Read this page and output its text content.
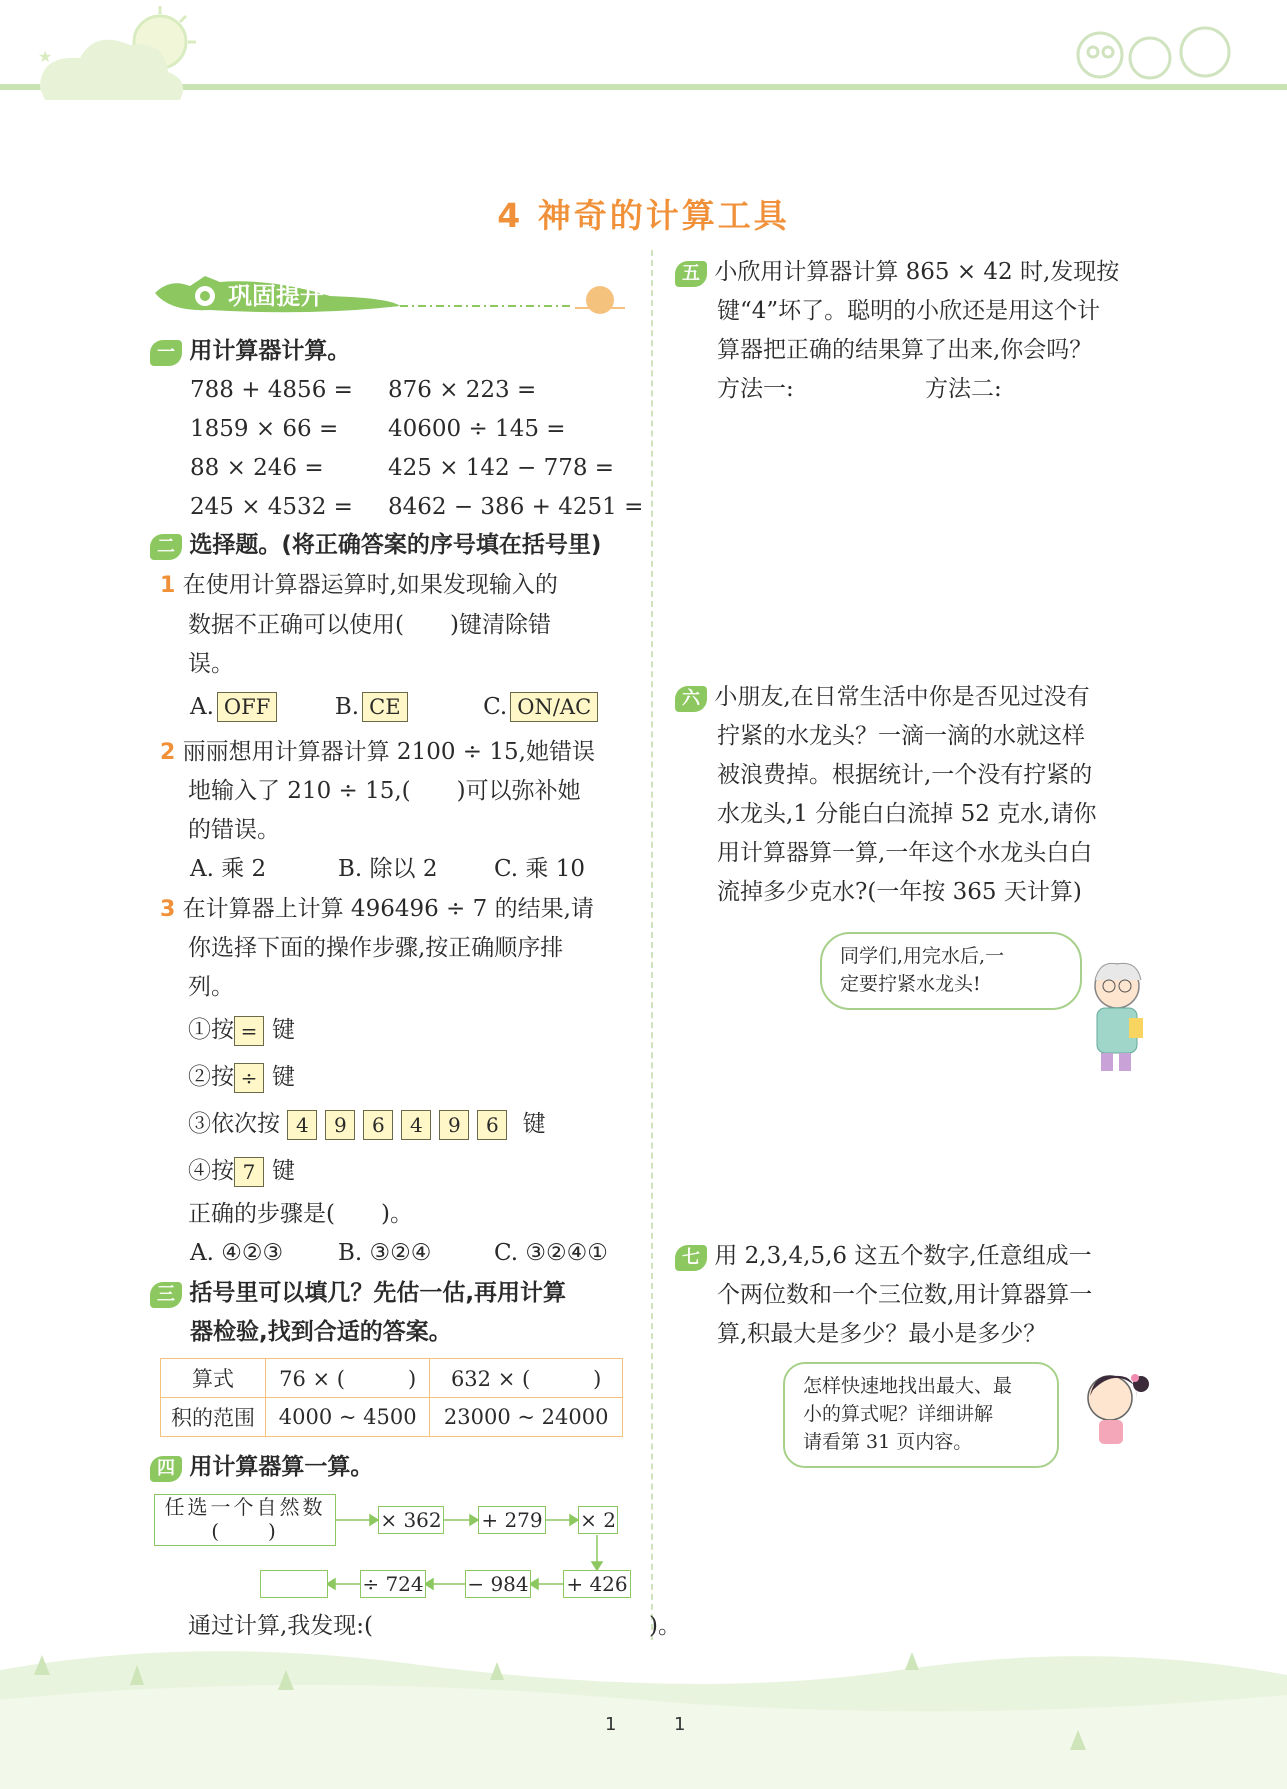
★
4 神奇的计算工具
巩固提升
一 用计算器计算。
788 + 4856 = 876 × 223 =
1859 × 66 = 40600 ÷ 145 =
88 × 246 =	425 × 142 − 778 =
245 × 4532 = 8462 − 386 + 4251 =
二 选择题。(将正确答案的序号填在括号里)
1 在使用计算器运算时,如果发现输入的
数据不正确可以使用(　　)键清除错
误。
A. OFF	B. CE	C. ON/AC
2 丽丽想用计算器计算 2100 ÷ 15,她错误
地输入了 210 ÷ 15,(　　)可以弥补她
的错误。
A. 乘 2	B. 除以 2 C. 乘 10
3 在计算器上计算 496496 ÷ 7 的结果,请
你选择下面的操作步骤,按正确顺序排
列。
①按 = 键
②按 ÷ 键
③依次按 4 9 6 4 9 6 键
④按 7 键
正确的步骤是(　　)。
A. ④②③ B. ③②④	C. ③②④①
三 括号里可以填几？先估一估,再用计算
器检验,找到合适的答案。
算式	76 × (　　　)	632 × (　　　)
积的范围	4000 ~ 4500	23000 ~ 24000
四 用计算器算一算。
任选一个自然数
(　　)	× 362 + 279 × 2
+ 426
− 984
÷ 724
通过计算,我发现:(　　　　　　　　　　　　)。
五 小欣用计算器计算 865 × 42 时,发现按
键“4”坏了。聪明的小欣还是用这个计
算器把正确的结果算了出来,你会吗？
方法一:	方法二:
六 小朋友,在日常生活中你是否见过没有
拧紧的水龙头？一滴一滴的水就这样
被浪费掉。根据统计,一个没有拧紧的
水龙头,1 分能白白流掉 52 克水,请你
用计算器算一算,一年这个水龙头白白
流掉多少克水?(一年按 365 天计算)
同学们,用完水后,一
定要拧紧水龙头!
七 用 2,3,4,5,6 这五个数字,任意组成一
个两位数和一个三位数,用计算器算一
算,积最大是多少？最小是多少？
怎样快速地找出最大、最
小的算式呢？详细讲解
请看第 31 页内容。
1	1
